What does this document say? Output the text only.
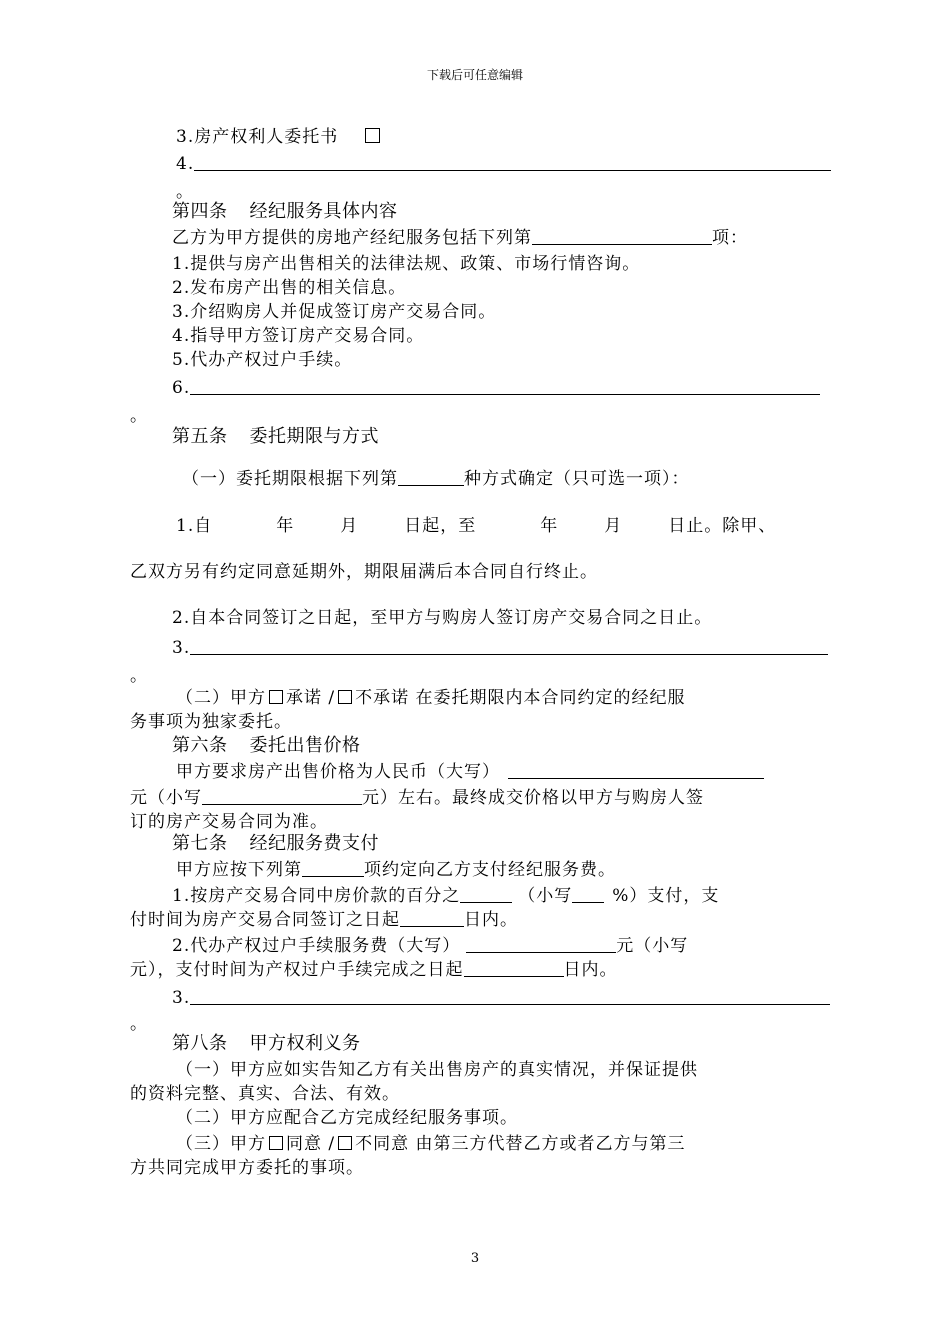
下载后可任意编辑
3.房产权利人委托书
4.
。
第四条 经纪服务具体内容
乙方为甲方提供的房地产经纪服务包括下列第	项：
1.提供与房产出售相关的法律法规、政策、市场行情咨询。
2.发布房产出售的相关信息。
3.介绍购房人并促成签订房产交易合同。
4.指导甲方签订房产交易合同。
5.代办产权过户手续。
6.
。
第五条 委托期限与方式
（一）委托期限根据下列第	种方式确定（只可选一项）：
1.自	年	月	日起，至	年	月	日止。除甲、
乙双方另有约定同意延期外，期限届满后本合同自行终止。
2.自本合同签订之日起，至甲方与购房人签订房产交易合同之日止。
3.
。
（二）甲方 承诺 / 不承诺 在委托期限内本合同约定的经纪服
务事项为独家委托。
第六条 委托出售价格
甲方要求房产出售价格为人民币（大写）
元（小写	元）左右。最终成交价格以甲方与购房人签
订的房产交易合同为准。
第七条 经纪服务费支付
甲方应按下列第	项约定向乙方支付经纪服务费。
1.按房产交易合同中房价款的百分之	（小写 %）支付，支
付时间为房产交易合同签订之日起	日内。
2.代办产权过户手续服务费（大写）	元（小写
元），支付时间为产权过户手续完成之日起	日内。
3.
。
第八条 甲方权利义务
（一）甲方应如实告知乙方有关出售房产的真实情况，并保证提供
的资料完整、真实、合法、有效。
（二）甲方应配合乙方完成经纪服务事项。
（三）甲方 同意 / 不同意 由第三方代替乙方或者乙方与第三
方共同完成甲方委托的事项。
3
